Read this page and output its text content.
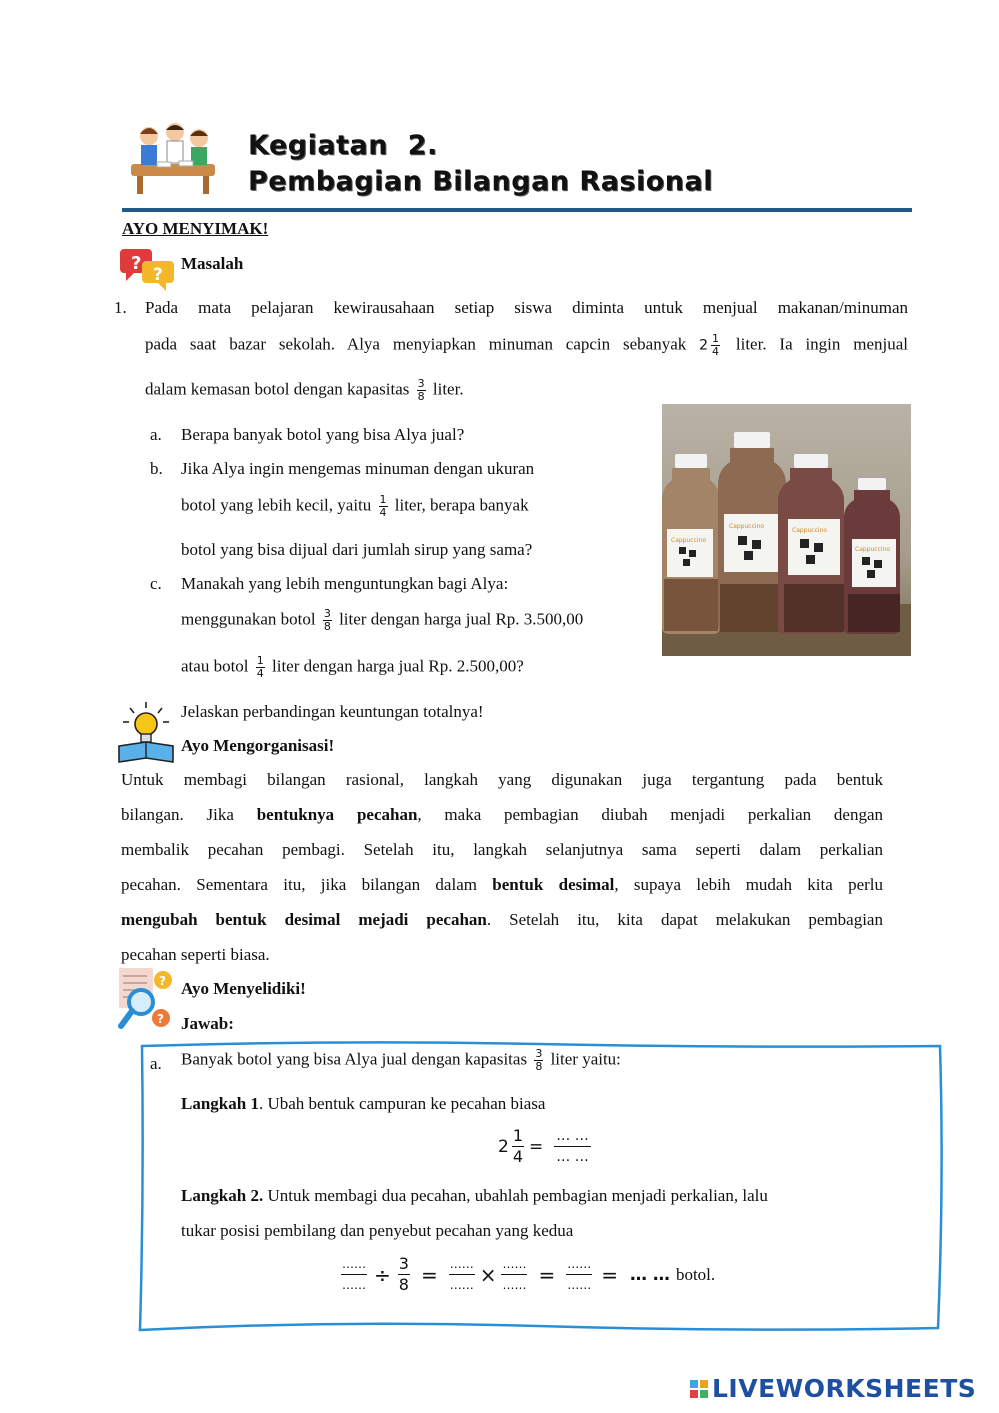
Kegiatan  2.
Pembagian Bilangan Rasional
AYO MENYIMAK!
?
?
Masalah
1. Pada mata pelajaran kewirausahaan setiap siswa diminta untuk menjual makanan/minuman
pada saat bazar sekolah. Alya menyiapkan minuman capcin sebanyak $2 \frac{1}{4}$ liter. Ia ingin menjual
dalam kemasan botol dengan kapasitas $\frac{3}{8}$ liter.
a. Berapa banyak botol yang bisa Alya jual?
b. Jika Alya ingin mengemas minuman dengan ukuran
botol yang lebih kecil, yaitu $\frac{1}{4}$ liter, berapa banyak
botol yang bisa dijual dari jumlah sirup yang sama?
c. Manakah yang lebih menguntungkan bagi Alya:
menggunakan botol $\frac{3}{8}$ liter dengan harga jual Rp. 3.500,00
atau botol $\frac{1}{4}$ liter dengan harga jual Rp. 2.500,00?
Cappuccino
Cappuccino
Cappuccino
Cappuccino
Jelaskan perbandingan keuntungan totalnya!
Ayo Mengorganisasi!
Untuk membagi bilangan rasional, langkah yang digunakan juga tergantung pada bentuk
bilangan. Jika bentuknya pecahan, maka pembagian diubah menjadi perkalian dengan
membalik pecahan pembagi. Setelah itu, langkah selanjutnya sama seperti dalam perkalian
pecahan. Sementara itu, jika bilangan dalam bentuk desimal, supaya lebih mudah kita perlu
mengubah bentuk desimal mejadi pecahan. Setelah itu, kita dapat melakukan pembagian
pecahan seperti biasa.
?
?
Ayo Menyelidiki!
Jawab:
a. Banyak botol yang bisa Alya jual dengan kapasitas $\frac{3}{8}$ liter yaitu:
Langkah 1. Ubah bentuk campuran ke pecahan biasa
$2 \frac{1}{4} = \frac{\dots \dots}{\dots \dots}$
Langkah 2. Untuk membagi dua pecahan, ubahlah pembagian menjadi perkalian, lalu
tukar posisi pembilang dan penyebut pecahan yang kedua
$\frac{\dots\dots}{\dots\dots} \div \frac{3}{8} = \frac{\dots\dots}{\dots\dots} \times \frac{\dots\dots}{\dots\dots} = \frac{\dots\dots}{\dots\dots}$ = … … botol.
LIVEWORKSHEETS
